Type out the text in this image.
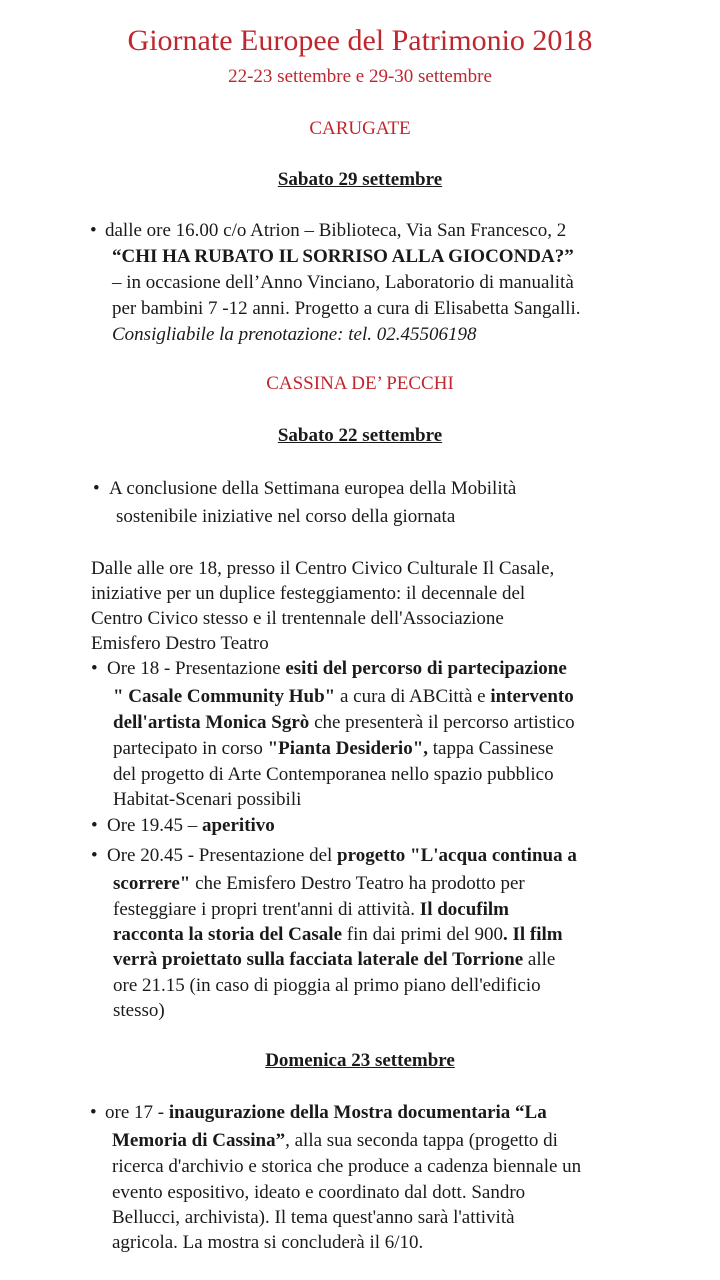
Giornate Europee del Patrimonio 2018
22-23 settembre e 29-30 settembre
CARUGATE
Sabato 29 settembre
• dalle ore 16.00 c/o Atrion – Biblioteca, Via San Francesco, 2
“CHI HA RUBATO IL SORRISO ALLA GIOCONDA?”
– in occasione dell’Anno Vinciano, Laboratorio di manualità
per bambini 7 -12 anni. Progetto a cura di Elisabetta Sangalli.
Consigliabile la prenotazione: tel. 02.45506198
CASSINA DE’ PECCHI
Sabato 22 settembre
• A conclusione della Settimana europea della Mobilità
sostenibile iniziative nel corso della giornata
Dalle alle ore 18, presso il Centro Civico Culturale Il Casale,
iniziative per un duplice festeggiamento: il decennale del
Centro Civico stesso e il trentennale dell'Associazione
Emisfero Destro Teatro
• Ore 18 - Presentazione esiti del percorso di partecipazione
" Casale Community Hub" a cura di ABCittà e intervento
dell'artista Monica Sgrò che presenterà il percorso artistico
partecipato in corso "Pianta Desiderio", tappa Cassinese
del progetto di Arte Contemporanea nello spazio pubblico
Habitat-Scenari possibili
• Ore 19.45 – aperitivo
• Ore 20.45 - Presentazione del progetto "L'acqua continua a
scorrere" che Emisfero Destro Teatro ha prodotto per
festeggiare i propri trent'anni di attività. Il docufilm
racconta la storia del Casale fin dai primi del 900. Il film
verrà proiettato sulla facciata laterale del Torrione alle
ore 21.15 (in caso di pioggia al primo piano dell'edificio
stesso)
Domenica 23 settembre
• ore 17 - inaugurazione della Mostra documentaria “La
Memoria di Cassina”, alla sua seconda tappa (progetto di
ricerca d'archivio e storica che produce a cadenza biennale un
evento espositivo, ideato e coordinato dal dott. Sandro
Bellucci, archivista). Il tema quest'anno sarà l'attività
agricola. La mostra si concluderà il 6/10.
